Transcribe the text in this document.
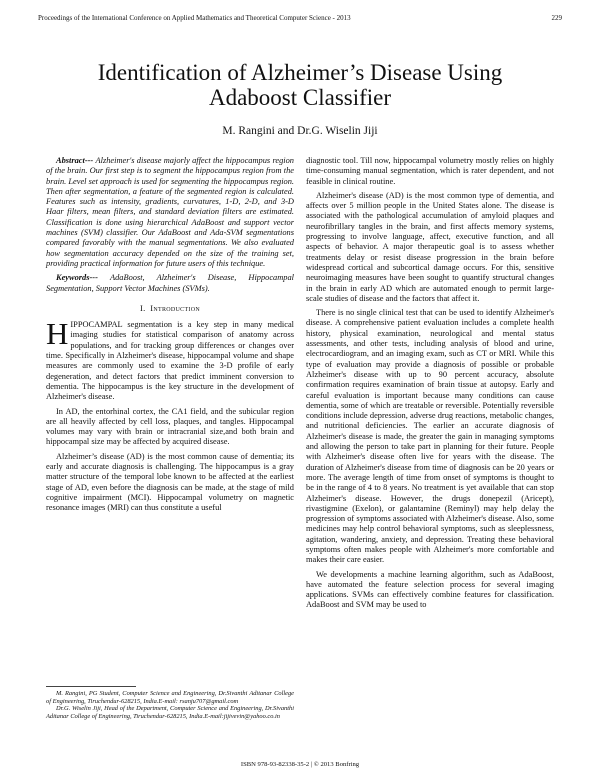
Proceedings of the International Conference on Applied Mathematics and Theoretical Computer Science - 2013	229
Identification of Alzheimer’s Disease Using
Adaboost Classifier
M. Rangini and Dr.G. Wiselin Jiji

Abstract--- Alzheimer's disease majorly affect the hippocampus region of the brain. Our first step is to segment the hippocampus region from the brain. Level set approach is used for segmenting the hippocampus region. Then after segmentation, a feature of the segmented region is calculated. Features such as intensity, gradients, curvatures, 1-D, 2-D, and 3-D Haar filters, mean filters, and standard deviation filters are estimated. Classification is done using hierarchical AdaBoost and support vector machines (SVM) classifier. Our AdaBoost and Ada-SVM segmentations compared favorably with the manual segmentations. We also evaluated how segmentation accuracy depended on the size of the training set, providing practical information for future users of this technique.

Keywords--- AdaBoost, Alzheimer's Disease, Hippocampal Segmentation, Support Vector Machines (SVMs).

I. Introduction

HIPPOCAMPAL segmentation is a key step in many medical imaging studies for statistical comparison of anatomy across populations, and for tracking group differences or changes over time. Specifically in Alzheimer's disease, hippocampal volume and shape measures are commonly used to examine the 3-D profile of early degeneration, and detect factors that predict imminent conversion to dementia. The hippocampus is the key structure in the development of Alzheimer's disease.

In AD, the entorhinal cortex, the CA1 field, and the subicular region are all heavily affected by cell loss, plaques, and tangles. Hippocampal volumes may vary with brain or intracranial size,and both brain and hippocampal size may be affected by acquired disease.

Alzheimer’s disease (AD) is the most common cause of dementia; its early and accurate diagnosis is challenging. The hippocampus is a gray matter structure of the temporal lobe known to be affected at the earliest stage of AD, even before the diagnosis can be made, at the stage of mild cognitive impairment (MCI). Hippocampal volumetry on magnetic resonance images (MRI) can thus constitute a useful

diagnostic tool. Till now, hippocampal volumetry mostly relies on highly time-consuming manual segmentation, which is rater dependent, and not feasible in clinical routine.

Alzheimer's disease (AD) is the most common type of dementia, and affects over 5 million people in the United States alone. The disease is associated with the pathological accumulation of amyloid plaques and neurofibrillary tangles in the brain, and first affects memory systems, progressing to involve language, affect, executive function, and all aspects of behavior. A major therapeutic goal is to assess whether treatments delay or resist disease progression in the brain before widespread cortical and subcortical damage occurs. For this, sensitive neuroimaging measures have been sought to quantify structural changes in the brain in early AD which are automated enough to permit large-scale studies of disease and the factors that affect it.

There is no single clinical test that can be used to identify Alzheimer's disease. A comprehensive patient evaluation includes a complete health history, physical examination, neurological and mental status assessments, and other tests, including analysis of blood and urine, electrocardiogram, and an imaging exam, such as CT or MRI. While this type of evaluation may provide a diagnosis of possible or probable Alzheimer's disease with up to 90 percent accuracy, absolute confirmation requires examination of brain tissue at autopsy. Early and careful evaluation is important because many conditions can cause dementia, some of which are treatable or reversible. Potentially reversible conditions include depression, adverse drug reactions, metabolic changes, and nutritional deficiencies. The earlier an accurate diagnosis of Alzheimer's disease is made, the greater the gain in managing symptoms and allowing the person to take part in planning for their future. People with Alzheimer's disease often live for years with the disease. The duration of Alzheimer's disease from time of diagnosis can be 20 years or more. The average length of time from onset of symptoms is thought to be in the range of 4 to 8 years. No treatment is yet available that can stop Alzheimer's disease. However, the drugs donepezil (Aricept), rivastigmine (Exelon), or galantamine (Reminyl) may help delay the progression of symptoms associated with Alzheimer's disease. Also, some medicines may help control behavioral symptoms, such as sleeplessness, agitation, wandering, anxiety, and depression. Treating these behavioral symptoms often makes people with Alzheimer's more comfortable and makes their care easier.

We developments a machine learning algorithm, such as AdaBoost, have automated the feature selection process for several imaging applications. SVMs can effectively combine features for classification. AdaBoost and SVM may be used to

M. Rangini, PG Student, Computer Science and Engineering, Dr.Sivanthi Aditanar College of Engineering, Tiruchendur-628215, India.E-mail: rsanju707@gmail.com

Dr.G. Wiselin Jiji, Head of the Department, Computer Science and Engineering, Dr.Sivanthi Aditanar College of Engineering, Tiruchendur-628215, India.E-mail:jijivevin@yahoo.co.in

ISBN 978-93-82338-35-2 | © 2013 Bonfring
